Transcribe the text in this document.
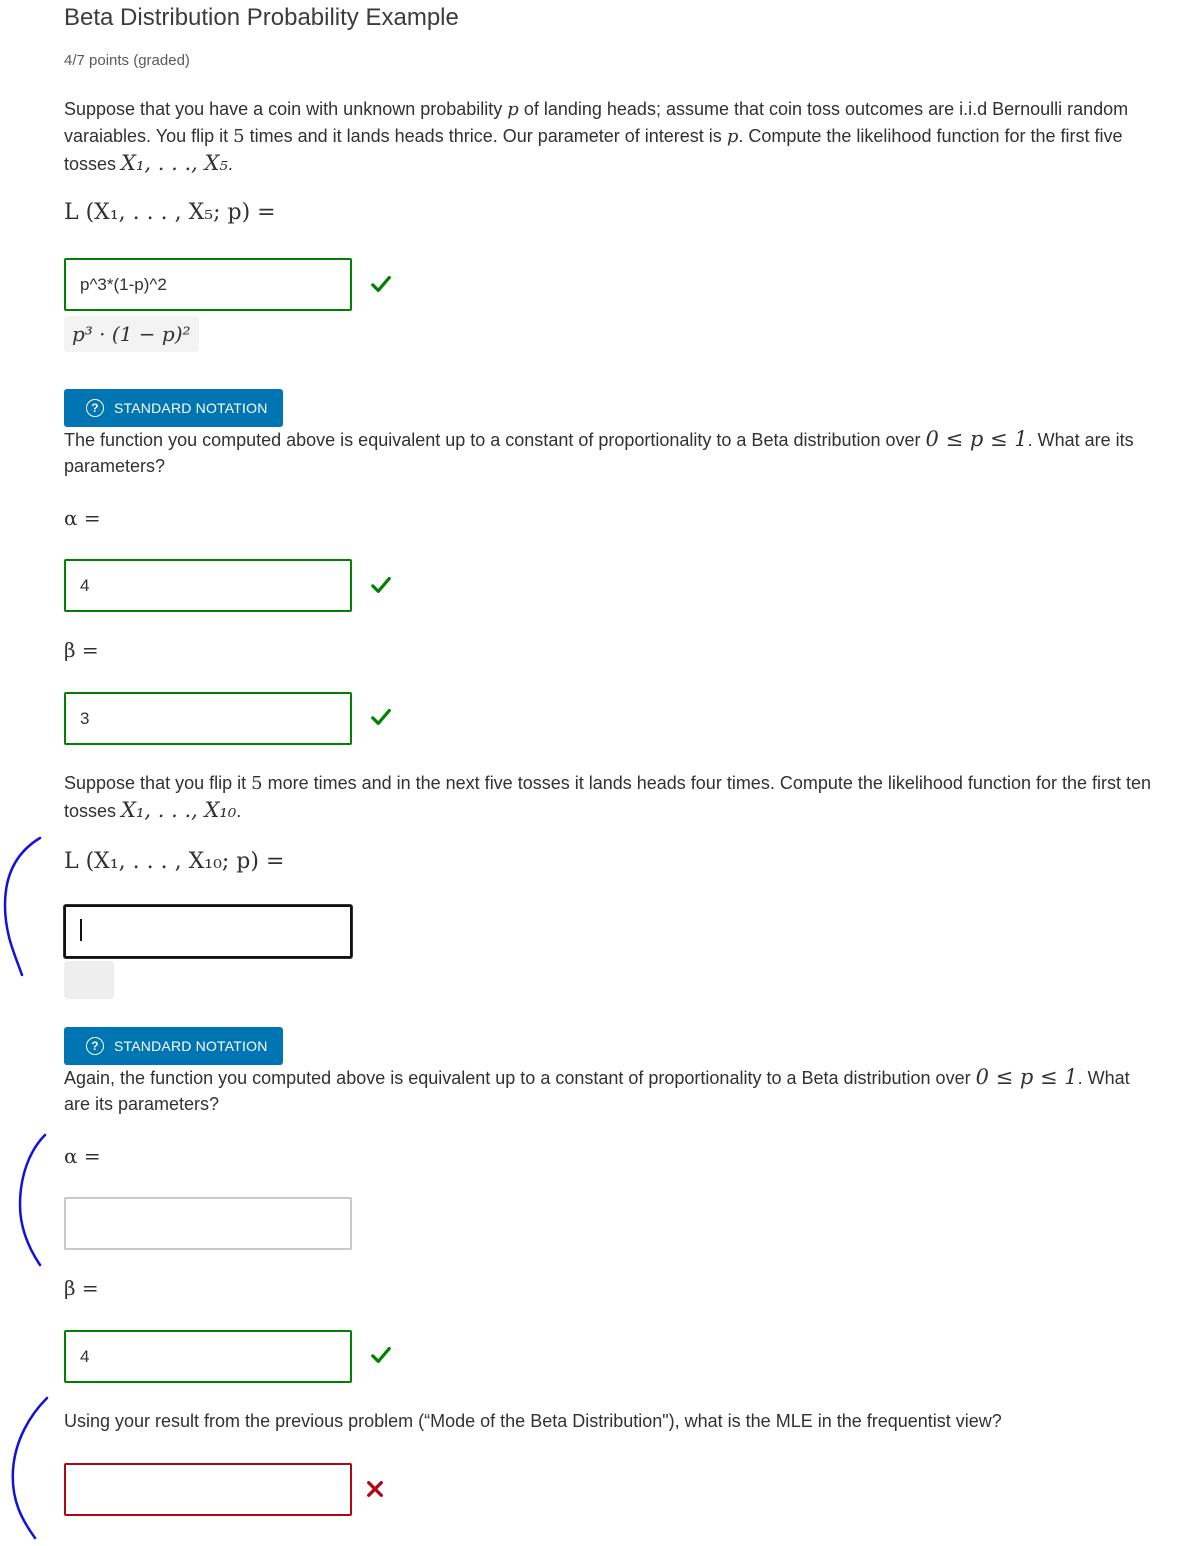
Beta Distribution Probability Example
4/7 points (graded)
Suppose that you have a coin with unknown probability p of landing heads; assume that coin toss outcomes are i.i.d Bernoulli random varaiables. You flip it 5 times and it lands heads thrice. Our parameter of interest is p. Compute the likelihood function for the first five tosses X₁, . . ., X₅.
L (X₁, . . . , X₅; p) =
p^3*(1-p)^2
p³ · (1 − p)²
?	STANDARD NOTATION
The function you computed above is equivalent up to a constant of proportionality to a Beta distribution over 0 ≤ p ≤ 1. What are its parameters?
α =
4
β =
3
Suppose that you flip it 5 more times and in the next five tosses it lands heads four times. Compute the likelihood function for the first ten tosses X₁, . . ., X₁₀.
L (X₁, . . . , X₁₀; p) =
?	STANDARD NOTATION
Again, the function you computed above is equivalent up to a constant of proportionality to a Beta distribution over 0 ≤ p ≤ 1. What are its parameters?
α =
β =
4
Using your result from the previous problem (“Mode of the Beta Distribution"), what is the MLE in the frequentist view?
